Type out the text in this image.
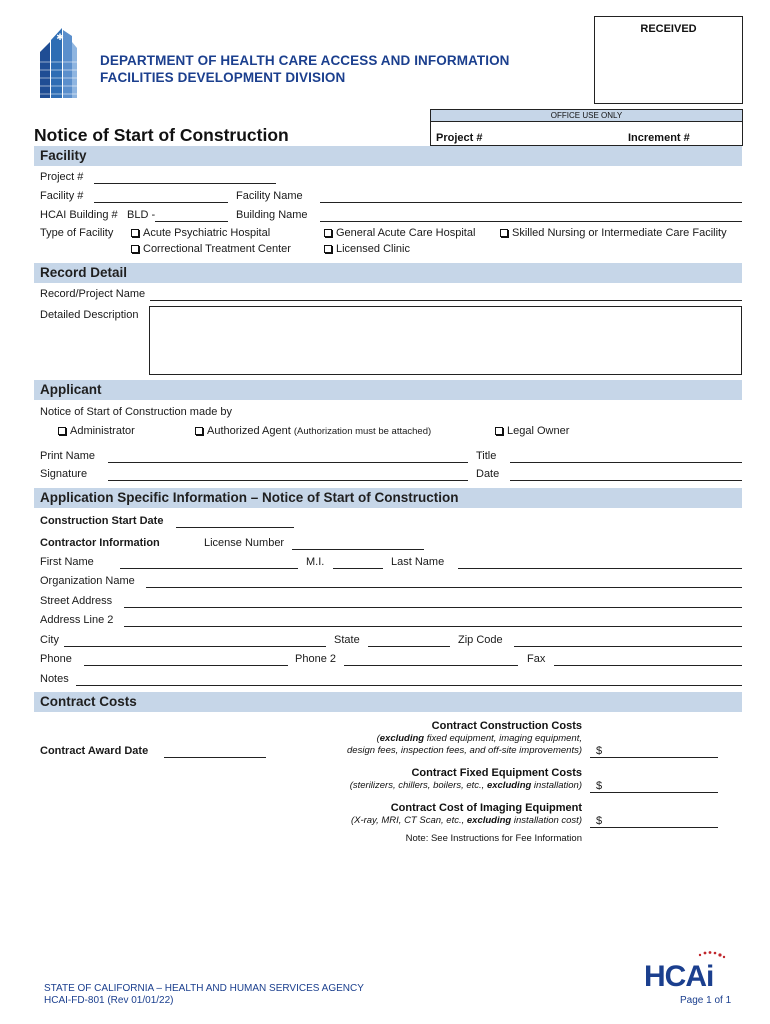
✱
DEPARTMENT OF HEALTH CARE ACCESS AND INFORMATION
FACILITIES DEVELOPMENT DIVISION
RECEIVED
OFFICE USE ONLY
Project #	Increment #
Notice of Start of Construction
Facility
Project #
Facility #	Facility Name
HCAI Building # BLD -	Building Name
Type of Facility	Acute Psychiatric Hospital
Correctional Treatment Center
General Acute Care Hospital
Licensed Clinic
Skilled Nursing or Intermediate Care Facility
Record Detail
Record/Project Name
Detailed Description
Applicant
Notice of Start of Construction made by
Administrator	Authorized Agent (Authorization must be attached)	Legal Owner
Print Name	Title
Signature	Date
Application Specific Information – Notice of Start of Construction
Construction Start Date
Contractor Information	License Number
First Name	M.I.	Last Name
Organization Name
Street Address
Address Line 2
City	State	Zip Code
Phone	Phone 2	Fax
Notes
Contract Costs
Contract Award Date
Contract Construction Costs
(excluding fixed equipment, imaging equipment,
design fees, inspection fees, and off-site improvements) $
Contract Fixed Equipment Costs
(sterilizers, chillers, boilers, etc., excluding installation) $
Contract Cost of Imaging Equipment
(X-ray, MRI, CT Scan, etc., excluding installation cost) $
Note: See Instructions for Fee Information
STATE OF CALIFORNIA – HEALTH AND HUMAN SERVICES AGENCY
HCAI-FD-801 (Rev 01/01/22)
HCAi
Page 1 of 1
